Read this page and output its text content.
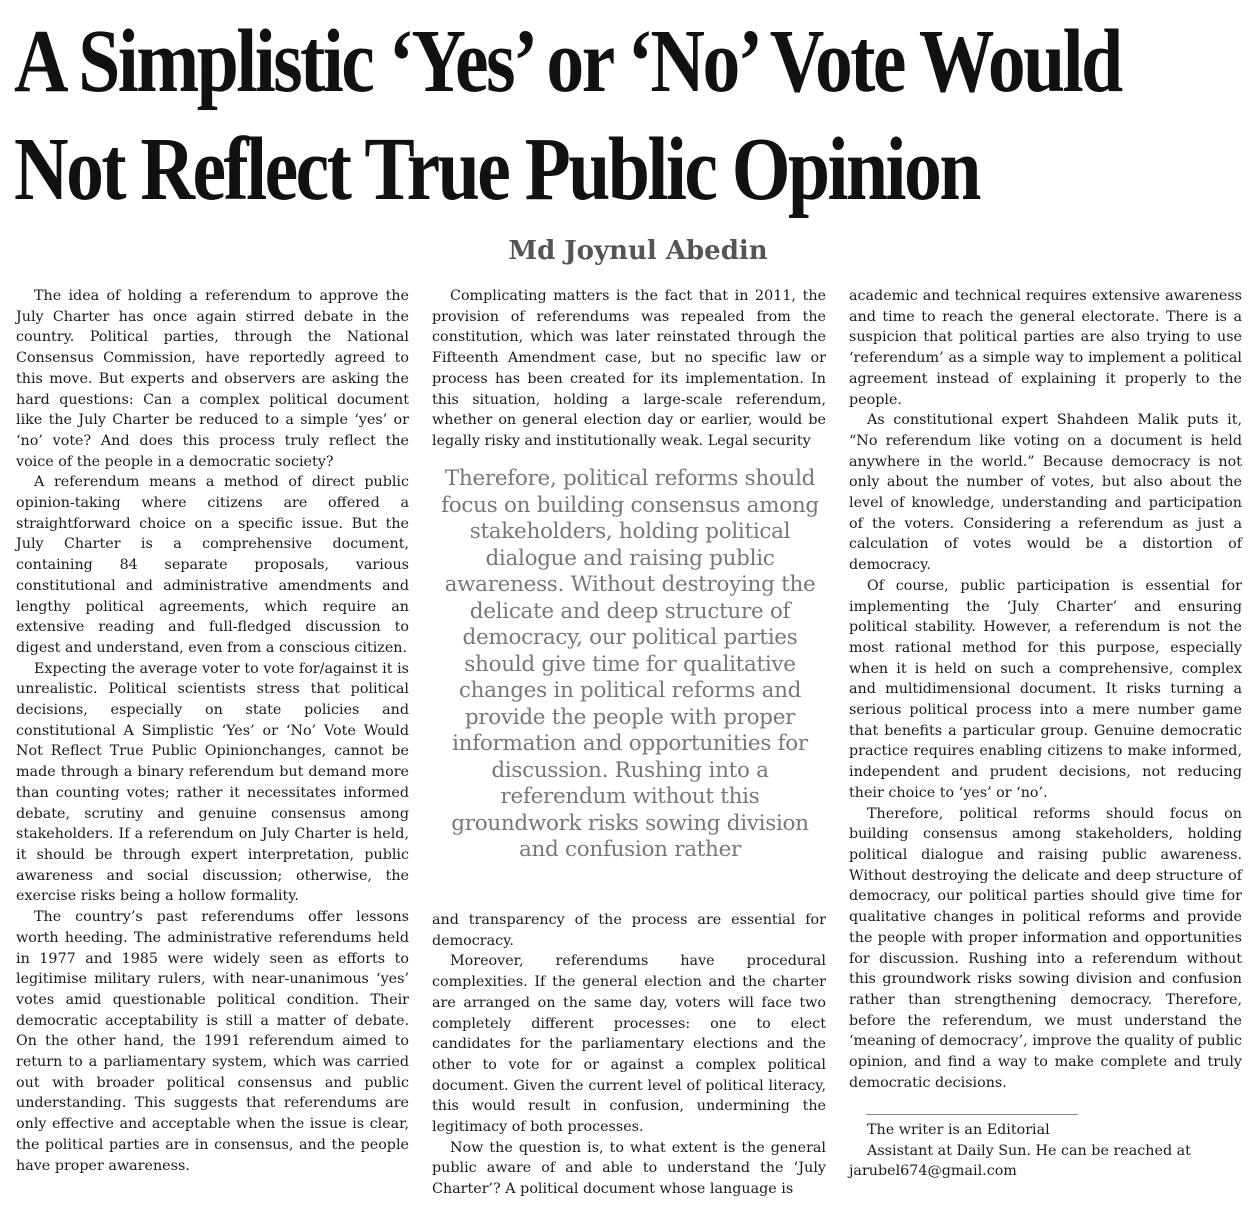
A Simplistic ‘Yes’ or ‘No’ Vote Would
Not Reflect True Public Opinion
Md Joynul Abedin

The idea of holding a referendum to approve the July Charter has once again stirred debate in the country. Political parties, through the National Consensus Commission, have reportedly agreed to this move. But experts and observers are asking the hard questions: Can a complex political document like the July Charter be reduced to a simple ‘yes’ or ‘no’ vote? And does this process truly reflect the voice of the people in a democratic society?

A referendum means a method of direct public opinion-taking where citizens are offered a straightforward choice on a specific issue. But the July Charter is a comprehensive document, containing 84 separate proposals, various constitutional and administrative amendments and lengthy political agreements, which require an extensive reading and full-fledged discussion to digest and understand, even from a conscious citizen.

Expecting the average voter to vote for/against it is unrealistic. Political scientists stress that political decisions, especially on state policies and constitutional A Simplistic ‘Yes’ or ‘No’ Vote Would Not Reflect True Public Opinionchanges, cannot be made through a binary referendum but demand more than counting votes; rather it necessitates informed debate, scrutiny and genuine consensus among stakeholders. If a referendum on July Charter is held, it should be through expert interpretation, public awareness and social discussion; otherwise, the exercise risks being a hollow formality.

The country’s past referendums offer lessons worth heeding. The administrative referendums held in 1977 and 1985 were widely seen as efforts to legitimise military rulers, with near-unanimous ‘yes’ votes amid questionable political condition. Their democratic acceptability is still a matter of debate. On the other hand, the 1991 referendum aimed to return to a parliamentary system, which was carried out with broader political consensus and public understanding. This suggests that referendums are only effective and acceptable when the issue is clear, the political parties are in consensus, and the people have proper awareness.

Complicating matters is the fact that in 2011, the provision of referendums was repealed from the constitution, which was later reinstated through the Fifteenth Amendment case, but no specific law or process has been created for its implementation. In this situation, holding a large-scale referendum, whether on general election day or earlier, would be legally risky and institutionally weak. Legal security

and transparency of the process are essential for democracy.

Moreover, referendums have procedural complexities. If the general election and the charter are arranged on the same day, voters will face two completely different processes: one to elect candidates for the parliamentary elections and the other to vote for or against a complex political document. Given the current level of political literacy, this would result in confusion, undermining the legitimacy of both processes.

Now the question is, to what extent is the general public aware of and able to understand the ‘July Charter’? A political document whose language is

Therefore, political reforms should focus on building consensus among stakeholders, holding political dialogue and raising public awareness. Without destroying the delicate and deep structure of democracy, our political parties should give time for qualitative changes in political reforms and provide the people with proper information and opportunities for discussion. Rushing into a referendum without this groundwork risks sowing division and confusion rather

academic and technical requires extensive awareness and time to reach the general electorate. There is a suspicion that political parties are also trying to use ‘referendum’ as a simple way to implement a political agreement instead of explaining it properly to the people.

As constitutional expert Shahdeen Malik puts it, “No referendum like voting on a document is held anywhere in the world.” Because democracy is not only about the number of votes, but also about the level of knowledge, understanding and participation of the voters. Considering a referendum as just a calculation of votes would be a distortion of democracy.

Of course, public participation is essential for implementing the ‘July Charter’ and ensuring political stability. However, a referendum is not the most rational method for this purpose, especially when it is held on such a comprehensive, complex and multidimensional document. It risks turning a serious political process into a mere number game that benefits a particular group. Genuine democratic practice requires enabling citizens to make informed, independent and prudent decisions, not reducing their choice to ‘yes’ or ‘no’.

Therefore, political reforms should focus on building consensus among stakeholders, holding political dialogue and raising public awareness. Without destroying the delicate and deep structure of democracy, our political parties should give time for qualitative changes in political reforms and provide the people with proper information and opportunities for discussion. Rushing into a referendum without this groundwork risks sowing division and confusion rather than strengthening democracy. Therefore, before the referendum, we must understand the ‘meaning of democracy’, improve the quality of public opinion, and find a way to make complete and truly democratic decisions.

The writer is an Editorial
Assistant at Daily Sun. He can be reached at
jarubel674@gmail.com
